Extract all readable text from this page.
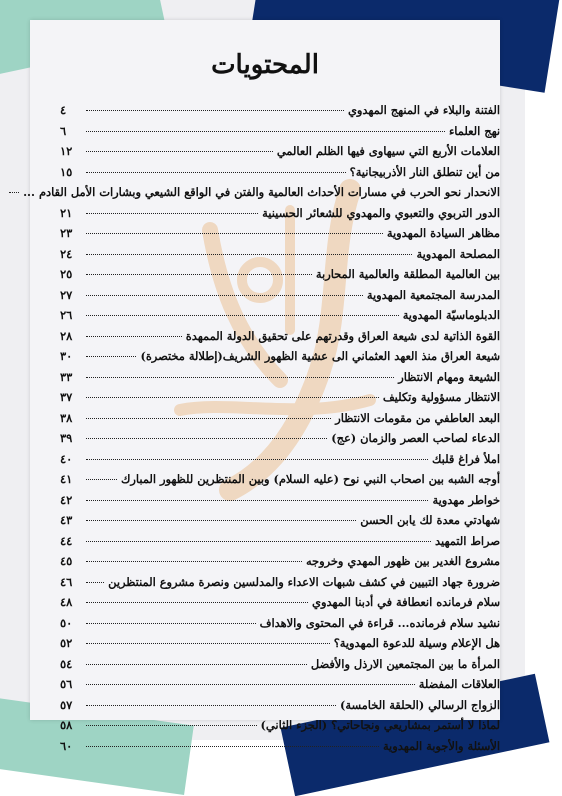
المحتويات
الفتنة والبلاء في المنهج المهدوي
٤
نهج العلماء
٦
العلامات الأربع التي سيهاوى فيها الظلم العالمي
١٢
من أين تنطلق النار الأذربيجانية؟
١٥
الانحدار نحو الحرب في مسارات الأحداث العالمية والفتن في الواقع الشيعي وبشارات الأمل القادم ...
الدور التربوي والتعبوي والمهدوي للشعائر الحسينية
٢١
مظاهر السيادة المهدوية
٢٣
المصلحة المهدوية
٢٤
بين العالمية المطلقة والعالمية المحاربة
٢٥
المدرسة المجتمعية المهدوية
٢٧
الدبلوماسيّة المهدوية
٢٦
القوة الذاتية لدى شيعة العراق وقدرتهم على تحقيق الدولة الممهدة
٢٨
شيعة العراق منذ العهد العثماني الى عشية الظهور الشريف(إطلالة مختصرة)
٣٠
الشيعة ومهام الانتظار
٣٣
الانتظار مسؤولية وتكليف
٣٧
البعد العاطفي من مقومات الانتظار
٣٨
الدعاء لصاحب العصر والزمان (عج)
٣٩
املأ فراغ قلبك
٤٠
أوجه الشبه بين اصحاب النبي نوح (عليه السلام) وبين المنتظرين للظهور المبارك
٤١
خواطر مهدوية
٤٢
شهادتي معدة لك يابن الحسن
٤٣
صراط التمهيد
٤٤
مشروع الغدير بين ظهور المهدي وخروجه
٤٥
ضرورة جهاد التبيين في كشف شبهات الاعداء والمدلسين ونصرة مشروع المنتظرين
٤٦
سلام فرمانده انعطافة في أدبنا المهدوي
٤٨
نشيد سلام فرمانده... قراءة في المحتوى والاهداف
٥٠
هل الإعلام وسيلة للدعوة المهدوية؟
٥٢
المرأة ما بين المجتمعين الارذل والأفضل
٥٤
العلاقات المفضلة
٥٦
الزواج الرسالي (الحلقة الخامسة)
٥٧
لماذا لا أستمر بمشاريعي ونجاحاتي؟ (الجزء الثاني)
٥٨
الأسئلة والأجوبة المهدوية
٦٠
